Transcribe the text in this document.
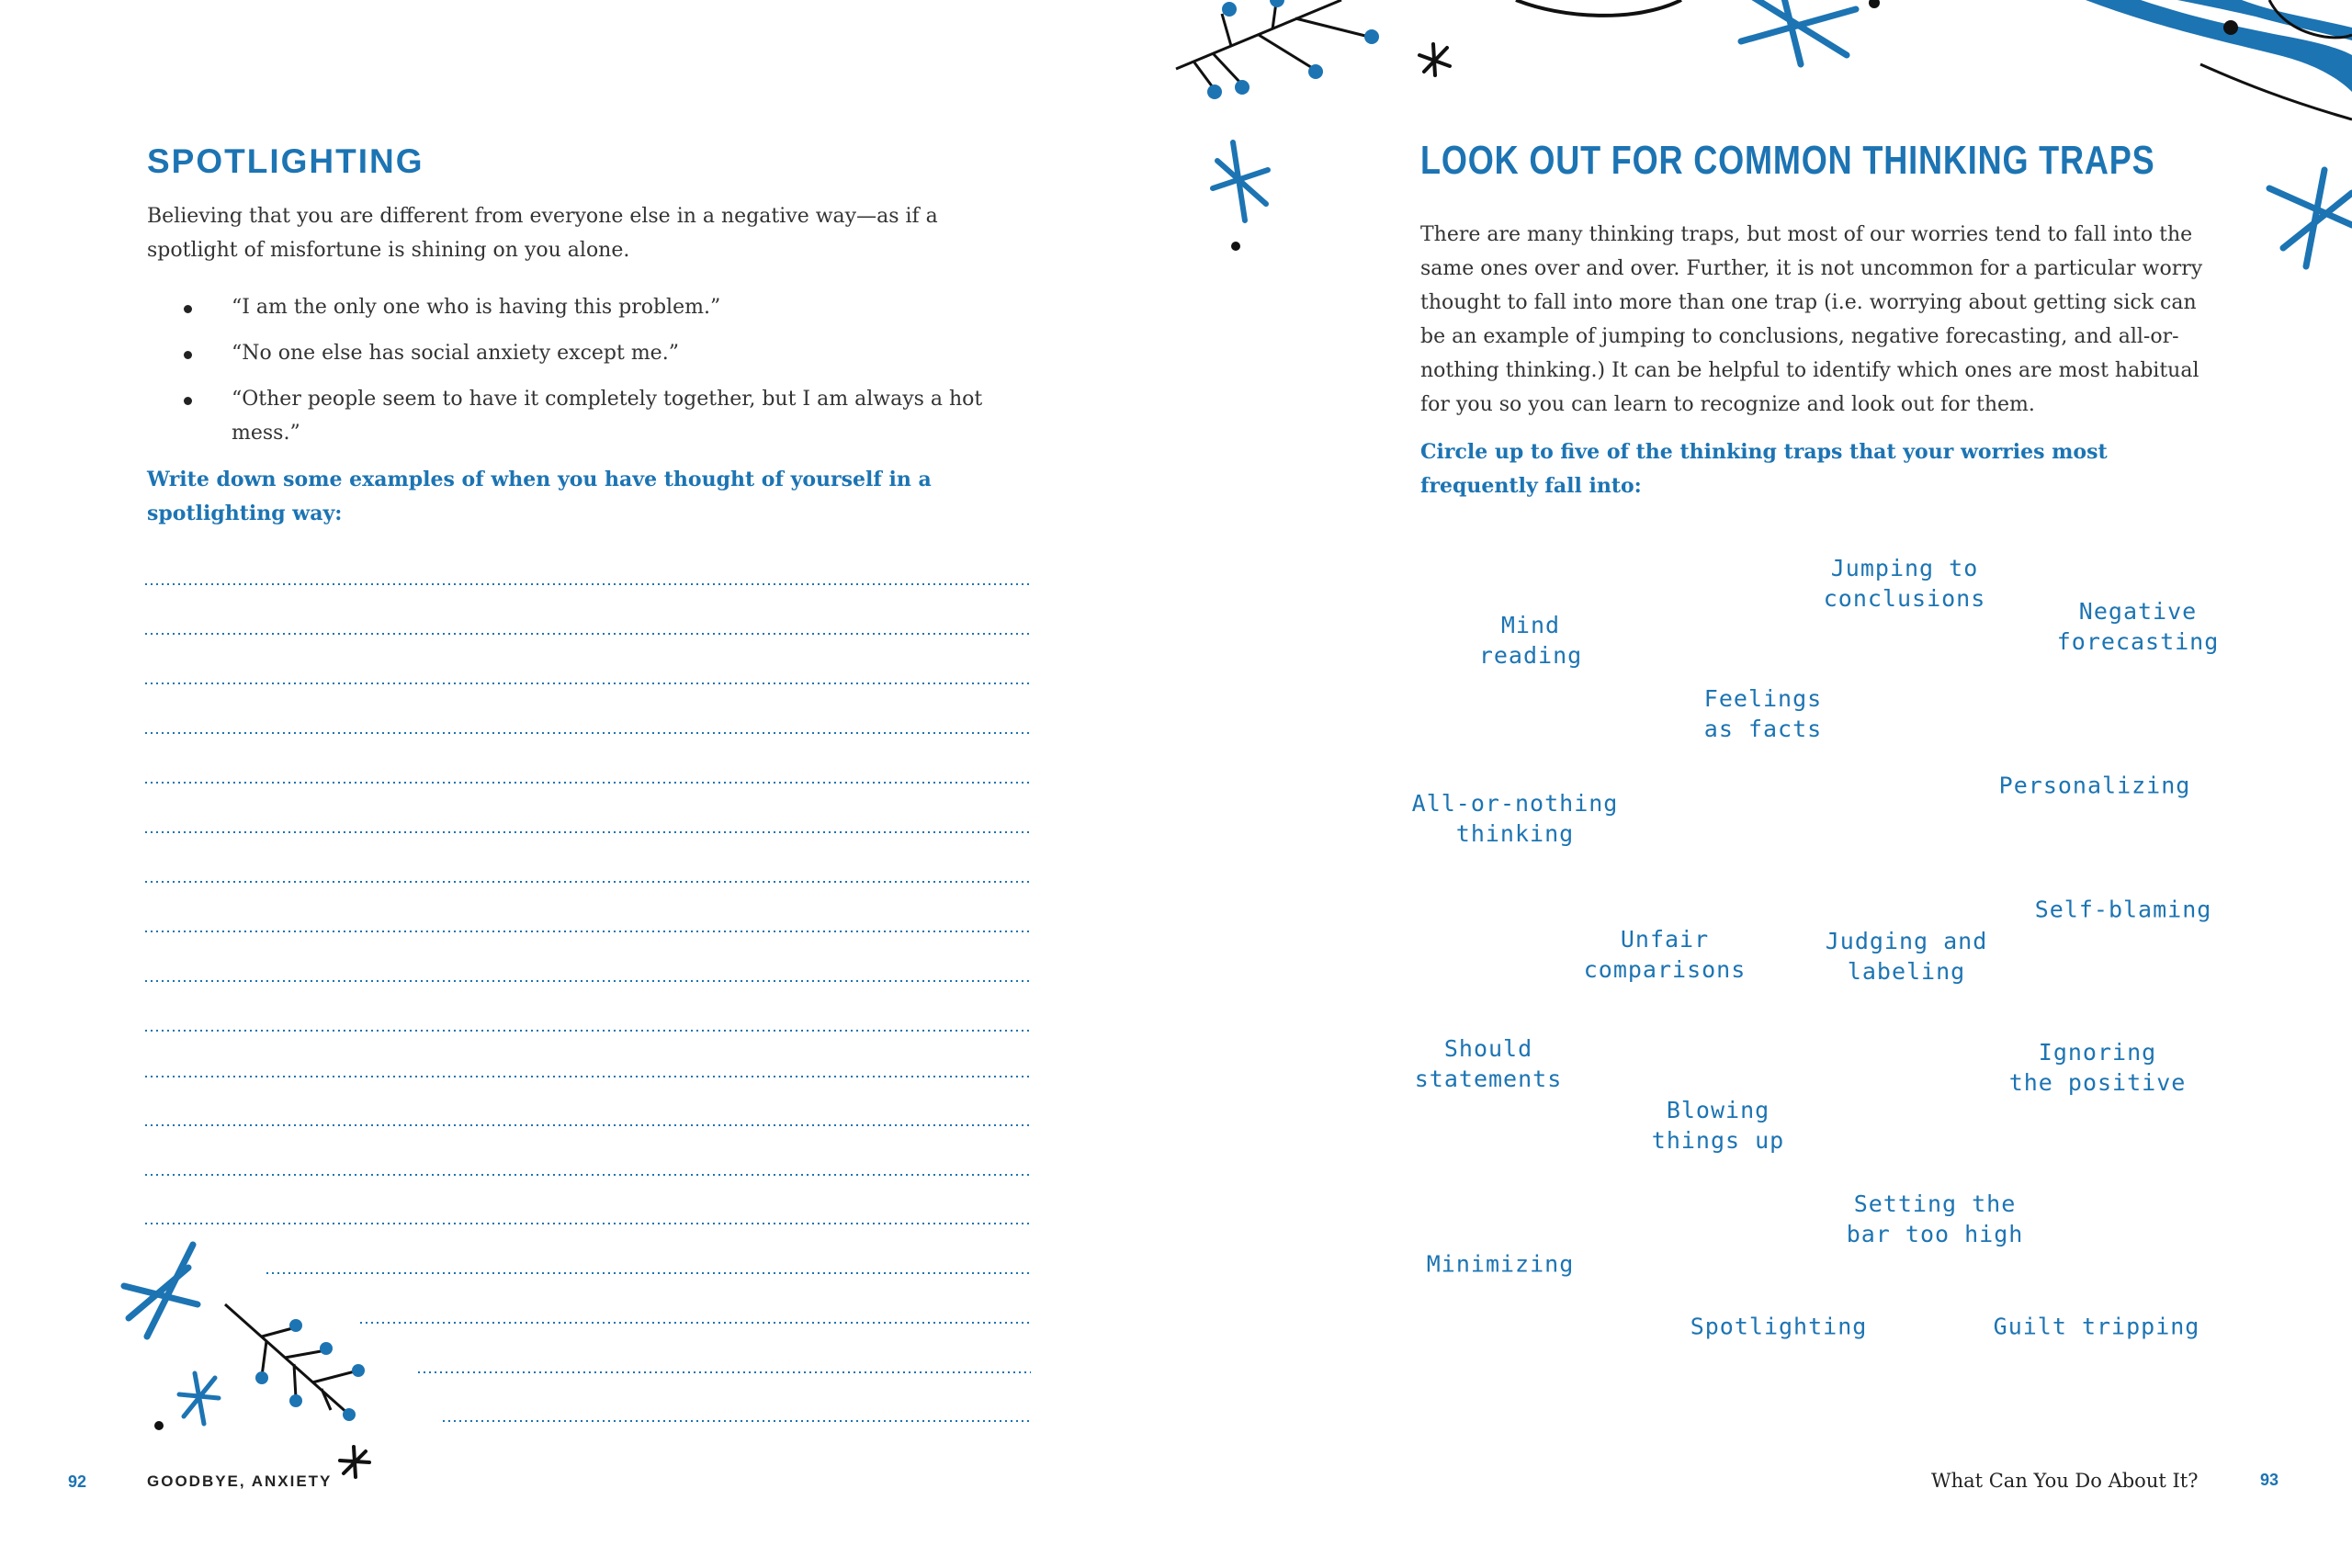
SPOTLIGHTING

Believing that you are different from everyone else in a negative way—as if a spotlight of misfortune is shining on you alone.

“I am the only one who is having this problem.”
“No one else has social anxiety except me.”
“Other people seem to have it completely together, but I am always a hot mess.”

Write down some examples of when you have thought of yourself in a spotlighting way:

92	GOODBYE, ANXIETY
LOOK OUT FOR COMMON THINKING TRAPS

There are many thinking traps, but most of our worries tend to fall into the same ones over and over. Further, it is not uncommon for a particular worry thought to fall into more than one trap (i.e. worrying about getting sick can be an example of jumping to conclusions, negative forecasting, and all-or-nothing thinking.) It can be helpful to identify which ones are most habitual for you so you can learn to recognize and look out for them.

Circle up to five of the thinking traps that your worries most frequently fall into:

Jumping to
conclusions
Mind
reading
Negative
forecasting
Feelings
as facts
Personalizing
All-or-nothing
thinking
Self-blaming
Unfair
comparisons
Judging and
labeling
Should
statements
Ignoring
the positive
Blowing
things up
Setting the
bar too high
Minimizing
Spotlighting	Guilt tripping
What Can You Do About It?	93
